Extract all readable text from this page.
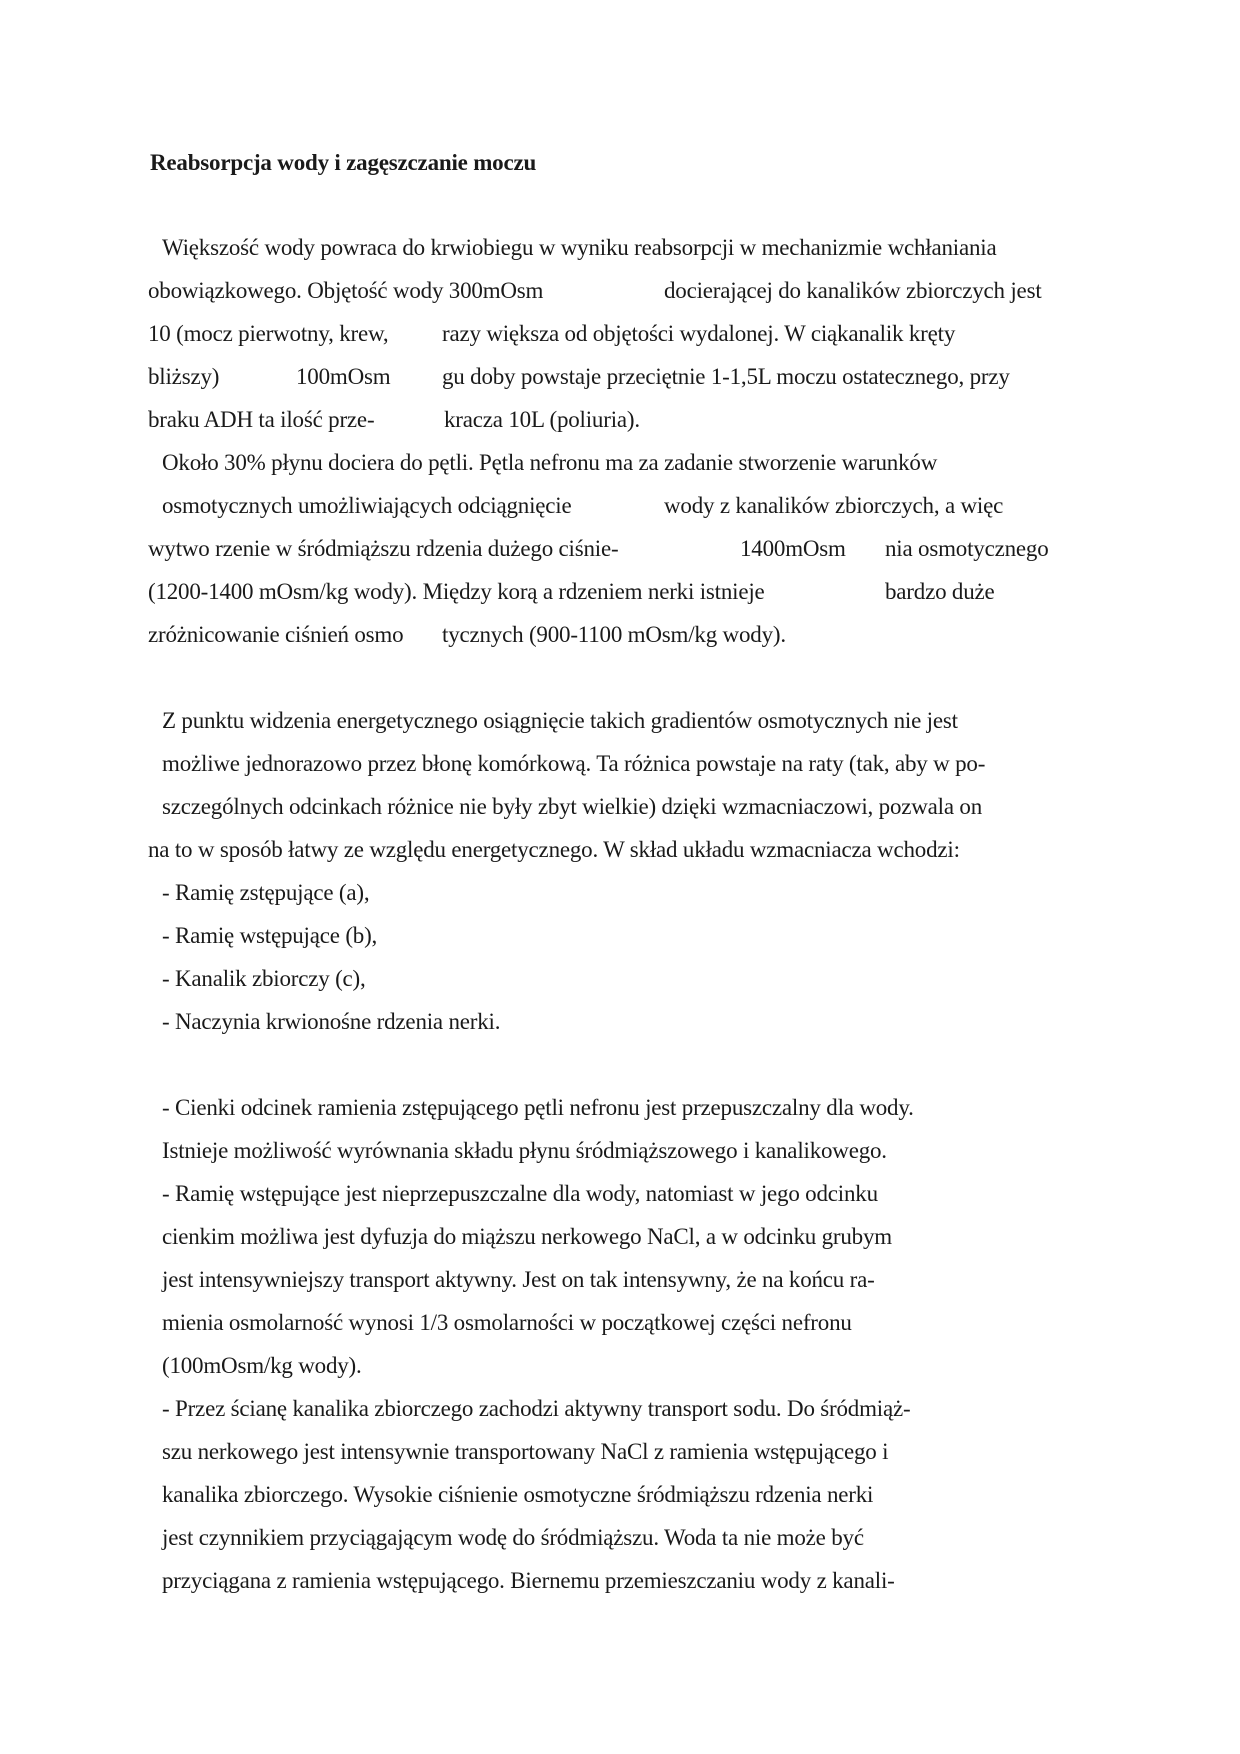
Reabsorpcja wody i zagęszczanie moczu
Większość wody powraca do krwiobiegu w wyniku reabsorpcji w mechanizmie wchłaniania
obowiązkowego. Objętość wody 300mOsm	docierającej do kanalików zbiorczych jest
10 (mocz pierwotny, krew, razy większa od objętości wydalonej. W ciąkanalik kręty
bliższy)	100mOsm gu doby powstaje przeciętnie 1-1,5L moczu ostatecznego, przy
braku ADH ta ilość prze-	kracza 10L (poliuria).
Około 30% płynu dociera do pętli. Pętla nefronu ma za zadanie stworzenie warunków
osmotycznych umożliwiających odciągnięcie	wody z kanalików zbiorczych, a więc
wytwo rzenie w śródmiąższu rdzenia dużego ciśnie-	1400mOsm nia osmotycznego
(1200-1400 mOsm/kg wody). Między korą a rdzeniem nerki istnieje	bardzo duże
zróżnicowanie ciśnień osmo tycznych (900-1100 mOsm/kg wody).
Z punktu widzenia energetycznego osiągnięcie takich gradientów osmotycznych nie jest
możliwe jednorazowo przez błonę komórkową. Ta różnica powstaje na raty (tak, aby w po-
szczególnych odcinkach różnice nie były zbyt wielkie) dzięki wzmacniaczowi, pozwala on
na to w sposób łatwy ze względu energetycznego. W skład układu wzmacniacza wchodzi:
- Ramię zstępujące (a),
- Ramię wstępujące (b),
- Kanalik zbiorczy (c),
- Naczynia krwionośne rdzenia nerki.
- Cienki odcinek ramienia zstępującego pętli nefronu jest przepuszczalny dla wody.
Istnieje możliwość wyrównania składu płynu śródmiąższowego i kanalikowego.
- Ramię wstępujące jest nieprzepuszczalne dla wody, natomiast w jego odcinku
cienkim możliwa jest dyfuzja do miąższu nerkowego NaCl, a w odcinku grubym
jest intensywniejszy transport aktywny. Jest on tak intensywny, że na końcu ra-
mienia osmolarność wynosi 1/3 osmolarności w początkowej części nefronu
(100mOsm/kg wody).
- Przez ścianę kanalika zbiorczego zachodzi aktywny transport sodu. Do śródmiąż-
szu nerkowego jest intensywnie transportowany NaCl z ramienia wstępującego i
kanalika zbiorczego. Wysokie ciśnienie osmotyczne śródmiąższu rdzenia nerki
jest czynnikiem przyciągającym wodę do śródmiąższu. Woda ta nie może być
przyciągana z ramienia wstępującego. Biernemu przemieszczaniu wody z kanali-
